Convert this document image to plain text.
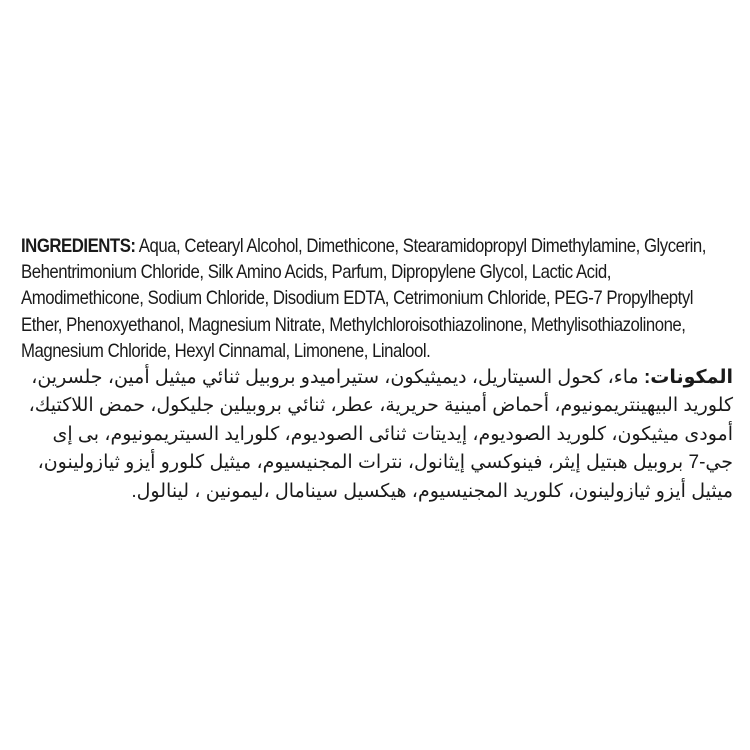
INGREDIENTS: Aqua, Cetearyl Alcohol, Dimethicone, Stearamidopropyl Dimethylamine, Glycerin, Behentrimonium Chloride, Silk Amino Acids, Parfum, Dipropylene Glycol, Lactic Acid, Amodimethicone, Sodium Chloride, Disodium EDTA, Cetrimonium Chloride, PEG-7 Propylheptyl Ether, Phenoxyethanol, Magnesium Nitrate, Methylchloroisothiazolinone, Methylisothiazolinone, Magnesium Chloride, Hexyl Cinnamal, Limonene, Linalool.

المكونات: ماء، كحول السيتاريل، ديميثيكون، ستيراميدو بروبيل ثنائي ميثيل أمين، جلسرين، كلوريد البيهينتريمونيوم، أحماض أمينية حريرية، عطر، ثنائي بروبيلين جليكول، حمض اللاكتيك، أمودى ميثيكون، كلوريد الصوديوم، إيديتات ثنائى الصوديوم، كلورايد السيتريمونيوم، بى إى جي-7 بروبيل هبتيل إيثر، فينوكسي إيثانول، نترات المجنيسيوم، ميثيل كلورو أيزو ثيازولينون، ميثيل أيزو ثيازولينون، كلوريد المجنيسيوم، هيكسيل سينامال ،ليمونين ، لينالول.
